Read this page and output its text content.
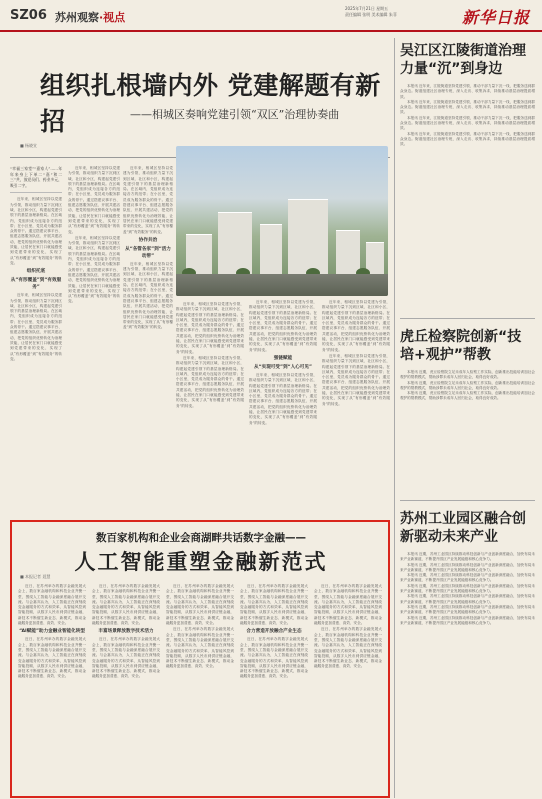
SZ06 苏州观察·视点
2025年7月21日 星期五
责任编辑 张明 美术编辑 朱菲	新华日报
组织扎根墙内外 党建解题有新招	——相城区奏响党建引领“双区”治理协奏曲
■ 杨晓宣
“幸福三家堂”“嘉家人”……年年来身上下单二“嘉”和二三”共，放党员们、药业多元，吸引二字。

近年来，相城区坚持以党建为引领，推动组织力量下沉到区域、社区和小区，构建起党建引领下的基层治理新格局。在区域内，党组织成为连接各方的纽带；在小区里，党员成为服务群众的骨干。通过搭建议事平台、组建志愿服务队伍、开展共建活动，把党的组织优势转化为治理效能，让居民在家门口就能感受到党建带来的变化，实现了从“有形覆盖”到“有效服务”的转变。

组织托底
从“有形覆盖”到“有效服务”

近年来，相城区坚持以党建为引领，推动组织力量下沉到区域、社区和小区，构建起党建引领下的基层治理新格局。在区域内，党组织成为连接各方的纽带；在小区里，党员成为服务群众的骨干。通过搭建议事平台、组建志愿服务队伍、开展共建活动，把党的组织优势转化为治理效能，让居民在家门口就能感受到党建带来的变化，实现了从“有形覆盖”到“有效服务”的转变。

近年来，相城区坚持以党建为引领，推动组织力量下沉到区域、社区和小区，构建起党建引领下的基层治理新格局。在区域内，党组织成为连接各方的纽带；在小区里，党员成为服务群众的骨干。通过搭建议事平台、组建志愿服务队伍、开展共建活动，把党的组织优势转化为治理效能，让居民在家门口就能感受到党建带来的变化，实现了从“有形覆盖”到“有效服务”的转变。

近年来，相城区坚持以党建为引领，推动组织力量下沉到区域、社区和小区，构建起党建引领下的基层治理新格局。在区域内，党组织成为连接各方的纽带；在小区里，党员成为服务群众的骨干。通过搭建议事平台、组建志愿服务队伍、开展共建活动，把党的组织优势转化为治理效能，让居民在家门口就能感受到党建带来的变化，实现了从“有形覆盖”到“有效服务”的转变。

近年来，相城区坚持以党建为引领，推动组织力量下沉到区域、社区和小区，构建起党建引领下的基层治理新格局。在区域内，党组织成为连接各方的纽带；在小区里，党员成为服务群众的骨干。通过搭建议事平台、组建志愿服务队伍、开展共建活动，把党的组织优势转化为治理效能，让居民在家门口就能感受到党建带来的变化，实现了从“有形覆盖”到“有效服务”的转变。

协作共治
从“各管各家”到“活力动带”

近年来，相城区坚持以党建为引领，推动组织力量下沉到区域、社区和小区，构建起党建引领下的基层治理新格局。在区域内，党组织成为连接各方的纽带；在小区里，党员成为服务群众的骨干。通过搭建议事平台、组建志愿服务队伍、开展共建活动，把党的组织优势转化为治理效能，让居民在家门口就能感受到党建带来的变化，实现了从“有形覆盖”到“有效服务”的转变。

近年来，相城区坚持以党建为引领，推动组织力量下沉到区域、社区和小区，构建起党建引领下的基层治理新格局。在区域内，党组织成为连接各方的纽带；在小区里，党员成为服务群众的骨干。通过搭建议事平台、组建志愿服务队伍、开展共建活动，把党的组织优势转化为治理效能，让居民在家门口就能感受到党建带来的变化，实现了从“有形覆盖”到“有效服务”的转变。

近年来，相城区坚持以党建为引领，推动组织力量下沉到区域、社区和小区，构建起党建引领下的基层治理新格局。在区域内，党组织成为连接各方的纽带；在小区里，党员成为服务群众的骨干。通过搭建议事平台、组建志愿服务队伍、开展共建活动，把党的组织优势转化为治理效能，让居民在家门口就能感受到党建带来的变化，实现了从“有形覆盖”到“有效服务”的转变。

近年来，相城区坚持以党建为引领，推动组织力量下沉到区域、社区和小区，构建起党建引领下的基层治理新格局。在区域内，党组织成为连接各方的纽带；在小区里，党员成为服务群众的骨干。通过搭建议事平台、组建志愿服务队伍、开展共建活动，把党的组织优势转化为治理效能，让居民在家门口就能感受到党建带来的变化，实现了从“有形覆盖”到“有效服务”的转变。

强链赋能
从“实现可受”到“人心可见”

近年来，相城区坚持以党建为引领，推动组织力量下沉到区域、社区和小区，构建起党建引领下的基层治理新格局。在区域内，党组织成为连接各方的纽带；在小区里，党员成为服务群众的骨干。通过搭建议事平台、组建志愿服务队伍、开展共建活动，把党的组织优势转化为治理效能，让居民在家门口就能感受到党建带来的变化，实现了从“有形覆盖”到“有效服务”的转变。

近年来，相城区坚持以党建为引领，推动组织力量下沉到区域、社区和小区，构建起党建引领下的基层治理新格局。在区域内，党组织成为连接各方的纽带；在小区里，党员成为服务群众的骨干。通过搭建议事平台、组建志愿服务队伍、开展共建活动，把党的组织优势转化为治理效能，让居民在家门口就能感受到党建带来的变化，实现了从“有形覆盖”到“有效服务”的转变。

近年来，相城区坚持以党建为引领，推动组织力量下沉到区域、社区和小区，构建起党建引领下的基层治理新格局。在区域内，党组织成为连接各方的纽带；在小区里，党员成为服务群众的骨干。通过搭建议事平台、组建志愿服务队伍、开展共建活动，把党的组织优势转化为治理效能，让居民在家门口就能感受到党建带来的变化，实现了从“有形覆盖”到“有效服务”的转变。

吴江区江陵街道治理力量“沉”到身边

本报讯 近年来，江陵街道坚持党建引领，推动干部力量下沉一线，把服务送到群众身边。街道组建社区治理专班，深入走访、收集诉求，持续推动基层治理提质增效。

本报讯 近年来，江陵街道坚持党建引领，推动干部力量下沉一线，把服务送到群众身边。街道组建社区治理专班，深入走访、收集诉求，持续推动基层治理提质增效。

本报讯 近年来，江陵街道坚持党建引领，推动干部力量下沉一线，把服务送到群众身边。街道组建社区治理专班，深入走访、收集诉求，持续推动基层治理提质增效。

本报讯 近年来，江陵街道坚持党建引领，推动干部力量下沉一线，把服务送到群众身边。街道组建社区治理专班，深入走访、收集诉求，持续推动基层治理提质增效。

虎丘检察院创新“技培+观护”帮教

本报讯 近期，虎丘检察院立足未成年人检察工作实际，创新推出技能培训加社会观护的帮教模式，帮助涉罪未成年人回归社会，取得良好成效。

本报讯 近期，虎丘检察院立足未成年人检察工作实际，创新推出技能培训加社会观护的帮教模式，帮助涉罪未成年人回归社会，取得良好成效。

本报讯 近期，虎丘检察院立足未成年人检察工作实际，创新推出技能培训加社会观护的帮教模式，帮助涉罪未成年人回归社会，取得良好成效。

苏州工业园区融合创新驱动未来产业

本报讯 近期，苏州工业园区持续推动科技创新与产业创新深度融合，加快布局未来产业新赛道，不断提升园区产业发展能级和核心竞争力。

本报讯 近期，苏州工业园区持续推动科技创新与产业创新深度融合，加快布局未来产业新赛道，不断提升园区产业发展能级和核心竞争力。

本报讯 近期，苏州工业园区持续推动科技创新与产业创新深度融合，加快布局未来产业新赛道，不断提升园区产业发展能级和核心竞争力。

本报讯 近期，苏州工业园区持续推动科技创新与产业创新深度融合，加快布局未来产业新赛道，不断提升园区产业发展能级和核心竞争力。

本报讯 近期，苏州工业园区持续推动科技创新与产业创新深度融合，加快布局未来产业新赛道，不断提升园区产业发展能级和核心竞争力。

本报讯 近期，苏州工业园区持续推动科技创新与产业创新深度融合，加快布局未来产业新赛道，不断提升园区产业发展能级和核心竞争力。

本报讯 近期，苏州工业园区持续推动科技创新与产业创新深度融合，加快布局未来产业新赛道，不断提升园区产业发展能级和核心竞争力。

数百家机构和企业会商湖畔共话数字金融——
人工智能重塑金融新范式
■ 本报记者 聂慧

近日，在苏州举办的数字金融发展大会上，数百家金融机构和科技企业齐聚一堂，围绕人工智能与金融深度融合展开交流。与会嘉宾认为，人工智能正在深刻改变金融服务的方式和效率，从智能风控到智能投顾，从数字人民币到供应链金融，新技术不断催生新业态、新模式，推动金融服务更加普惠、高效、安全。

“AI赋能”助力金融业智能化转型

近日，在苏州举办的数字金融发展大会上，数百家金融机构和科技企业齐聚一堂，围绕人工智能与金融深度融合展开交流。与会嘉宾认为，人工智能正在深刻改变金融服务的方式和效率，从智能风控到智能投顾，从数字人民币到供应链金融，新技术不断催生新业态、新模式，推动金融服务更加普惠、高效、安全。

近日，在苏州举办的数字金融发展大会上，数百家金融机构和科技企业齐聚一堂，围绕人工智能与金融深度融合展开交流。与会嘉宾认为，人工智能正在深刻改变金融服务的方式和效率，从智能风控到智能投顾，从数字人民币到供应链金融，新技术不断催生新业态、新模式，推动金融服务更加普惠、高效、安全。

丰富场景释放数字技术活力

近日，在苏州举办的数字金融发展大会上，数百家金融机构和科技企业齐聚一堂，围绕人工智能与金融深度融合展开交流。与会嘉宾认为，人工智能正在深刻改变金融服务的方式和效率，从智能风控到智能投顾，从数字人民币到供应链金融，新技术不断催生新业态、新模式，推动金融服务更加普惠、高效、安全。

近日，在苏州举办的数字金融发展大会上，数百家金融机构和科技企业齐聚一堂，围绕人工智能与金融深度融合展开交流。与会嘉宾认为，人工智能正在深刻改变金融服务的方式和效率，从智能风控到智能投顾，从数字人民币到供应链金融，新技术不断催生新业态、新模式，推动金融服务更加普惠、高效、安全。

近日，在苏州举办的数字金融发展大会上，数百家金融机构和科技企业齐聚一堂，围绕人工智能与金融深度融合展开交流。与会嘉宾认为，人工智能正在深刻改变金融服务的方式和效率，从智能风控到智能投顾，从数字人民币到供应链金融，新技术不断催生新业态、新模式，推动金融服务更加普惠、高效、安全。

近日，在苏州举办的数字金融发展大会上，数百家金融机构和科技企业齐聚一堂，围绕人工智能与金融深度融合展开交流。与会嘉宾认为，人工智能正在深刻改变金融服务的方式和效率，从智能风控到智能投顾，从数字人民币到供应链金融，新技术不断催生新业态、新模式，推动金融服务更加普惠、高效、安全。

合力营造开放融合产业生态

近日，在苏州举办的数字金融发展大会上，数百家金融机构和科技企业齐聚一堂，围绕人工智能与金融深度融合展开交流。与会嘉宾认为，人工智能正在深刻改变金融服务的方式和效率，从智能风控到智能投顾，从数字人民币到供应链金融，新技术不断催生新业态、新模式，推动金融服务更加普惠、高效、安全。

近日，在苏州举办的数字金融发展大会上，数百家金融机构和科技企业齐聚一堂，围绕人工智能与金融深度融合展开交流。与会嘉宾认为，人工智能正在深刻改变金融服务的方式和效率，从智能风控到智能投顾，从数字人民币到供应链金融，新技术不断催生新业态、新模式，推动金融服务更加普惠、高效、安全。

近日，在苏州举办的数字金融发展大会上，数百家金融机构和科技企业齐聚一堂，围绕人工智能与金融深度融合展开交流。与会嘉宾认为，人工智能正在深刻改变金融服务的方式和效率，从智能风控到智能投顾，从数字人民币到供应链金融，新技术不断催生新业态、新模式，推动金融服务更加普惠、高效、安全。
